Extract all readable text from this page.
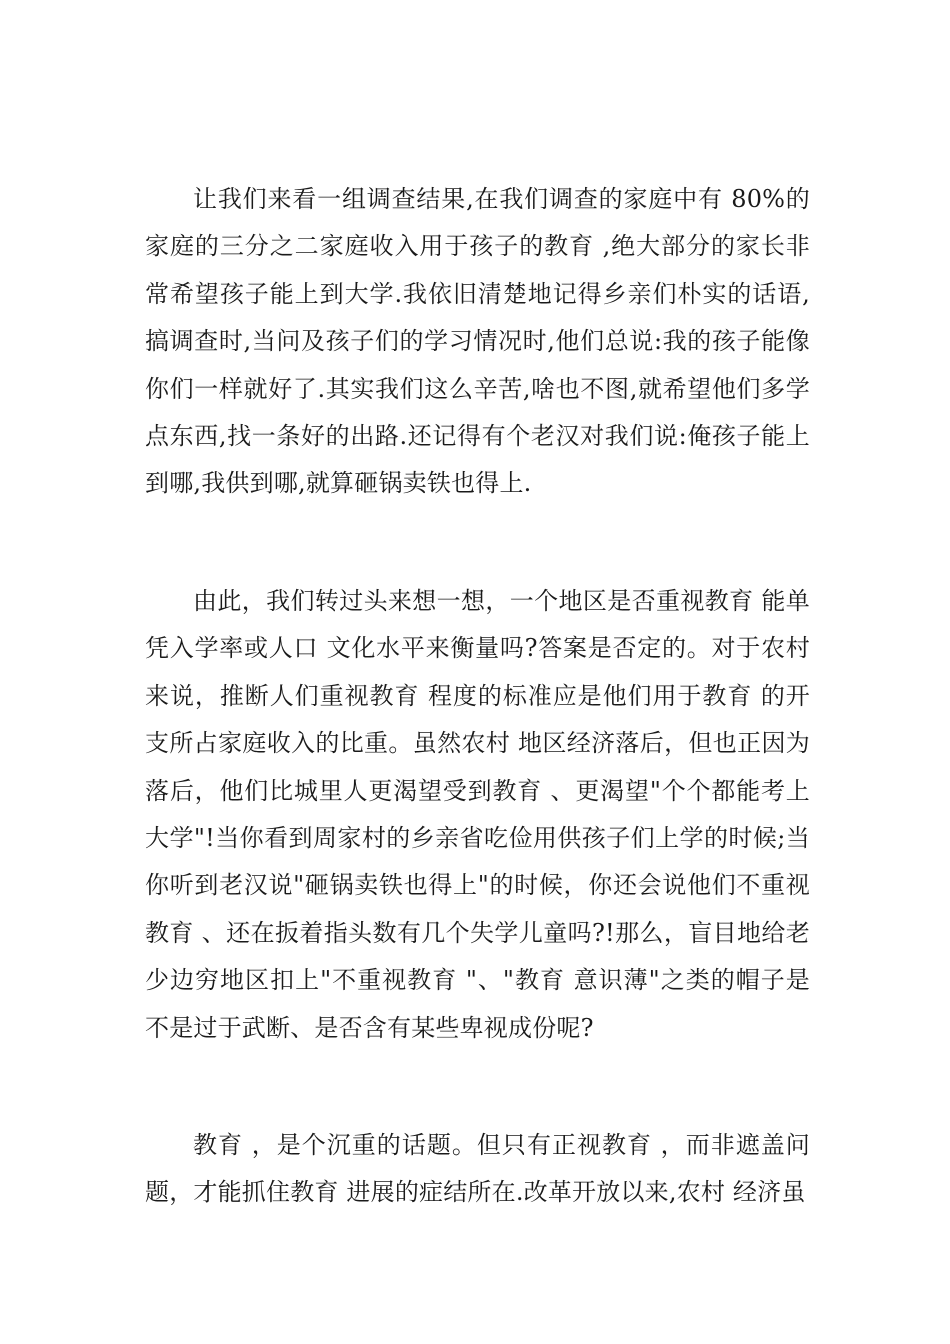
让我们来看一组调查结果,在我们调查的家庭中有 80%的家庭的三分之二家庭收入用于孩子的教育 ,绝大部分的家长非常希望孩子能上到大学.我依旧清楚地记得乡亲们朴实的话语,搞调查时,当问及孩子们的学习情况时,他们总说:我的孩子能像你们一样就好了.其实我们这么辛苦,啥也不图,就希望他们多学点东西,找一条好的出路.还记得有个老汉对我们说:俺孩子能上到哪,我供到哪,就算砸锅卖铁也得上.

由此，我们转过头来想一想，一个地区是否重视教育 能单凭入学率或人口 文化水平来衡量吗?答案是否定的。对于农村 来说，推断人们重视教育 程度的标准应是他们用于教育 的开支所占家庭收入的比重。虽然农村 地区经济落后，但也正因为落后，他们比城里人更渴望受到教育 、更渴望"个个都能考上大学"!当你看到周家村的乡亲省吃俭用供孩子们上学的时候;当你听到老汉说"砸锅卖铁也得上"的时候，你还会说他们不重视教育 、还在扳着指头数有几个失学儿童吗?!那么，盲目地给老少边穷地区扣上"不重视教育 "、"教育 意识薄"之类的帽子是不是过于武断、是否含有某些卑视成份呢?

教育 ，是个沉重的话题。但只有正视教育 ，而非遮盖问题，才能抓住教育 进展的症结所在.改革开放以来,农村 经济虽
